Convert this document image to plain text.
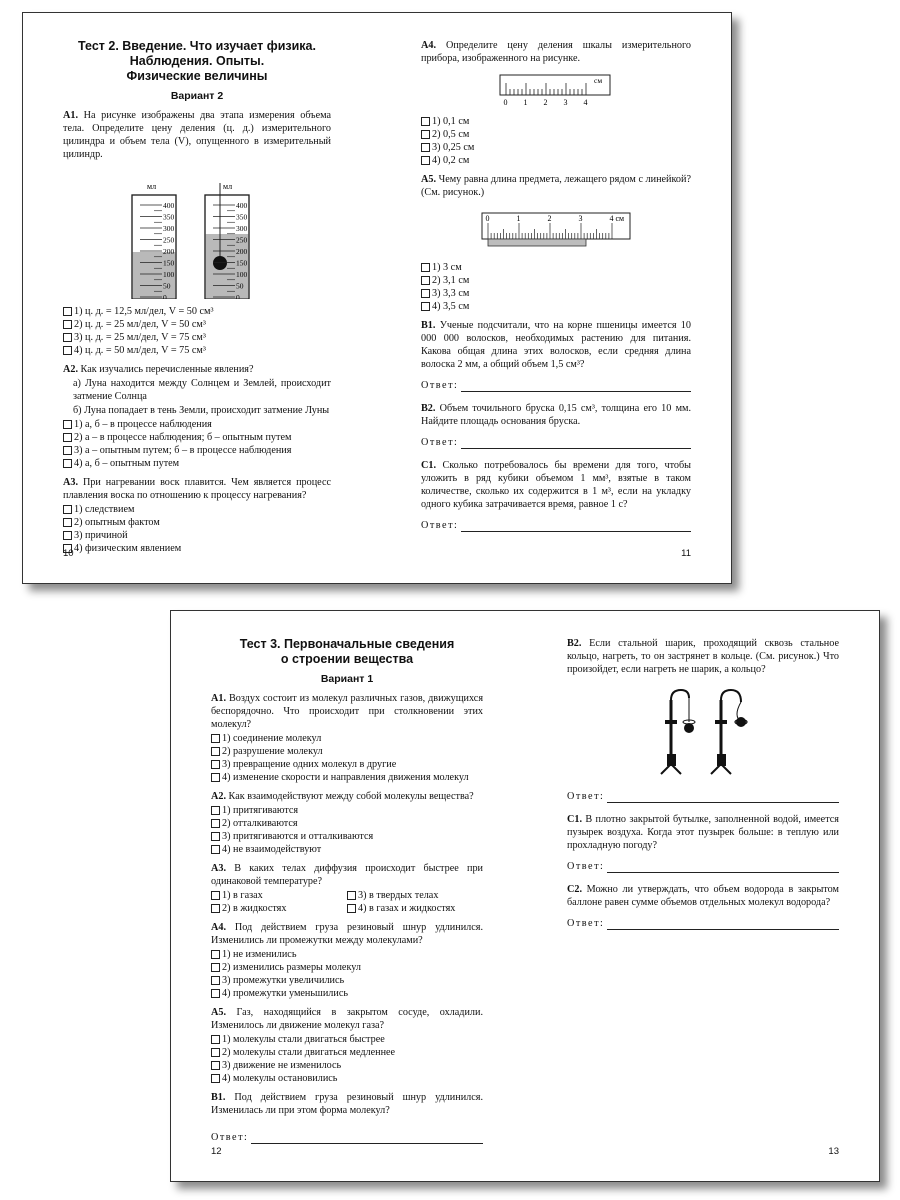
Тест 2. Введение. Что изучает физика.
Наблюдения. Опыты.
Физические величины
Вариант 2
А1. На рисунке изображены два этапа измерения объема тела. Определите цену деления (ц. д.) измерительного цилиндра и объем тела (V), опущенного в измерительный цилиндр.
мл
400
350
300
250
200
150
100
50
0
мл
400
350
300
250
200
150
100
50
0
1) ц. д. = 12,5 мл/дел, V = 50 см³
2) ц. д. = 25 мл/дел, V = 50 см³
3) ц. д. = 25 мл/дел, V = 75 см³
4) ц. д. = 50 мл/дел, V = 75 см³
А2. Как изучались перечисленные явления?
а) Луна находится между Солнцем и Землей, происходит затмение Солнца
б) Луна попадает в тень Земли, происходит затмение Луны
1) а, б – в процессе наблюдения
2) а – в процессе наблюдения; б – опытным путем
3) а – опытным путем; б – в процессе наблюдения
4) а, б – опытным путем
А3. При нагревании воск плавится. Чем является процесс плавления воска по отношению к процессу нагревания?
1) следствием
2) опытным фактом
3) причиной
4) физическим явлением
10
А4. Определите цену деления шкалы измерительного прибора, изображенного на рисунке.
см
0 1 2 3 4
1) 0,1 см
2) 0,5 см
3) 0,25 см
4) 0,2 см
А5. Чему равна длина предмета, лежащего рядом с линейкой? (См. рисунок.)
0	1	2	3	4 см
1) 3 см
2) 3,1 см
3) 3,3 см
4) 3,5 см
В1. Ученые подсчитали, что на корне пшеницы имеется 10 000 000 волосков, необходимых растению для питания. Какова общая длина этих волосков, если средняя длина волоска 2 мм, а общий объем 1,5 см³?
Ответ:
В2. Объем точильного бруска 0,15 см³, толщина его 10 мм. Найдите площадь основания бруска.
Ответ:
С1. Сколько потребовалось бы времени для того, чтобы уложить в ряд кубики объемом 1 мм³, взятые в таком количестве, сколько их содержится в 1 м³, если на укладку одного кубика затрачивается время, равное 1 с?
Ответ:
11
Тест 3. Первоначальные сведения
о строении вещества
Вариант 1
А1. Воздух состоит из молекул различных газов, движущихся беспорядочно. Что происходит при столкновении этих молекул?
1) соединение молекул
2) разрушение молекул
3) превращение одних молекул в другие
4) изменение скорости и направления движения молекул
А2. Как взаимодействуют между собой молекулы вещества?
1) притягиваются
2) отталкиваются
3) притягиваются и отталкиваются
4) не взаимодействуют
А3. В каких телах диффузия происходит быстрее при одинаковой температуре?
1) в газах	3) в твердых телах
2) в жидкостях	4) в газах и жидкостях
А4. Под действием груза резиновый шнур удлинился. Изменились ли промежутки между молекулами?
1) не изменились
2) изменились размеры молекул
3) промежутки увеличились
4) промежутки уменьшились
А5. Газ, находящийся в закрытом сосуде, охладили. Изменилось ли движение молекул газа?
1) молекулы стали двигаться быстрее
2) молекулы стали двигаться медленнее
3) движение не изменилось
4) молекулы остановились
В1. Под действием груза резиновый шнур удлинился. Изменилась ли при этом форма молекул?
Ответ:
12
В2. Если стальной шарик, проходящий сквозь стальное кольцо, нагреть, то он застрянет в кольце. (См. рисунок.) Что произойдет, если нагреть не шарик, а кольцо?
Ответ:
С1. В плотно закрытой бутылке, заполненной водой, имеется пузырек воздуха. Когда этот пузырек больше: в теплую или прохладную погоду?
Ответ:
С2. Можно ли утверждать, что объем водорода в закрытом баллоне равен сумме объемов отдельных молекул водорода?
Ответ:
13
